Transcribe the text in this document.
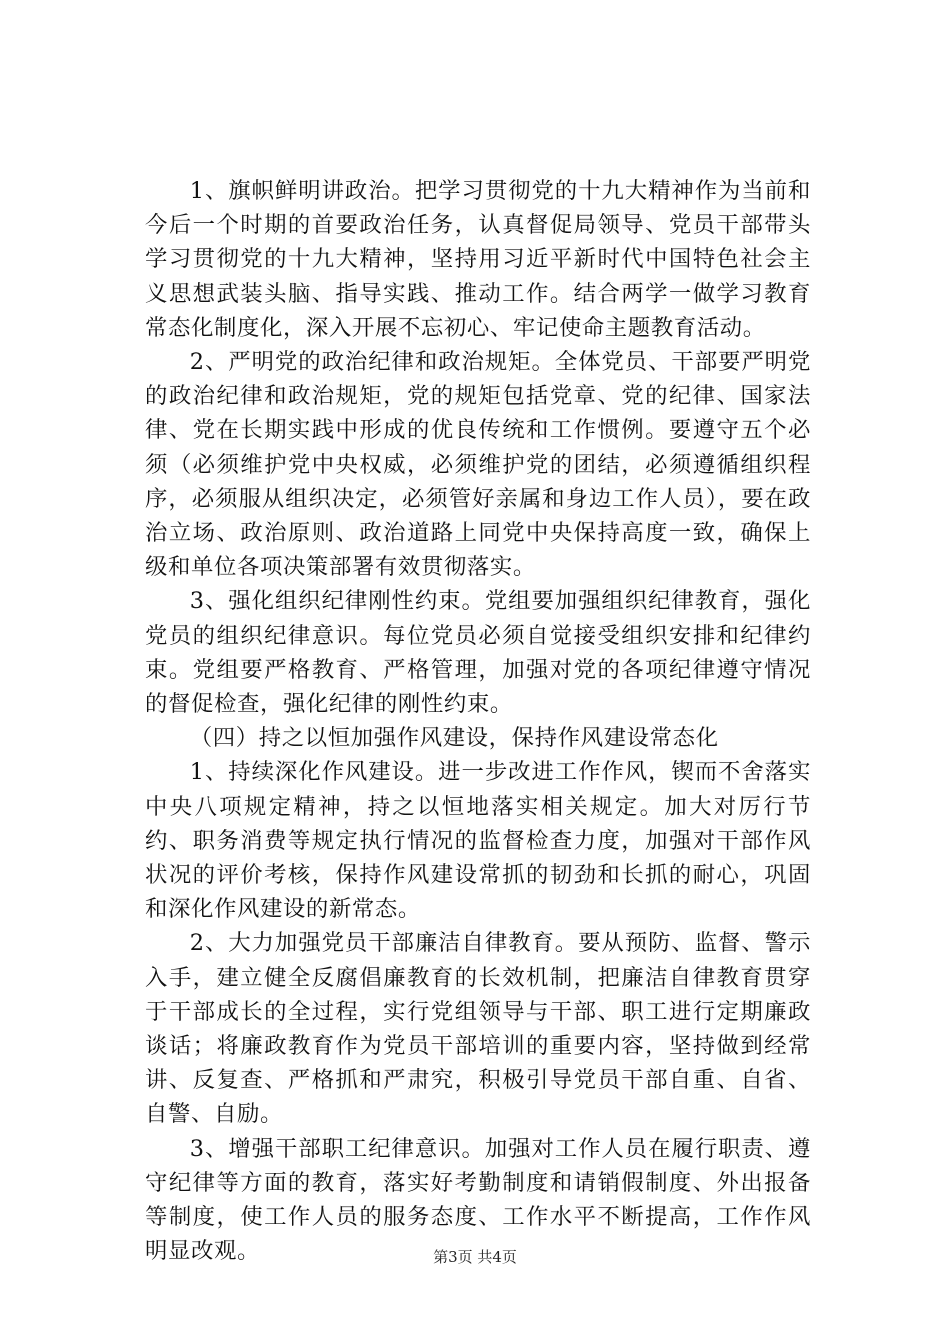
1、旗帜鲜明讲政治。把学习贯彻党的十九大精神作为当前和今后一个时期的首要政治任务，认真督促局领导、党员干部带头学习贯彻党的十九大精神，坚持用习近平新时代中国特色社会主义思想武装头脑、指导实践、推动工作。结合两学一做学习教育常态化制度化，深入开展不忘初心、牢记使命主题教育活动。

2、严明党的政治纪律和政治规矩。全体党员、干部要严明党的政治纪律和政治规矩，党的规矩包括党章、党的纪律、国家法律、党在长期实践中形成的优良传统和工作惯例。要遵守五个必须（必须维护党中央权威，必须维护党的团结，必须遵循组织程序，必须服从组织决定，必须管好亲属和身边工作人员），要在政治立场、政治原则、政治道路上同党中央保持高度一致，确保上级和单位各项决策部署有效贯彻落实。

3、强化组织纪律刚性约束。党组要加强组织纪律教育，强化党员的组织纪律意识。每位党员必须自觉接受组织安排和纪律约束。党组要严格教育、严格管理，加强对党的各项纪律遵守情况的督促检查，强化纪律的刚性约束。

（四）持之以恒加强作风建设，保持作风建设常态化

1、持续深化作风建设。进一步改进工作作风，锲而不舍落实中央八项规定精神，持之以恒地落实相关规定。加大对厉行节约、职务消费等规定执行情况的监督检查力度，加强对干部作风状况的评价考核，保持作风建设常抓的韧劲和长抓的耐心，巩固和深化作风建设的新常态。

2、大力加强党员干部廉洁自律教育。要从预防、监督、警示入手，建立健全反腐倡廉教育的长效机制，把廉洁自律教育贯穿于干部成长的全过程，实行党组领导与干部、职工进行定期廉政谈话；将廉政教育作为党员干部培训的重要内容，坚持做到经常讲、反复查、严格抓和严肃究，积极引导党员干部自重、自省、自警、自励。

3、增强干部职工纪律意识。加强对工作人员在履行职责、遵守纪律等方面的教育，落实好考勤制度和请销假制度、外出报备等制度，使工作人员的服务态度、工作水平不断提高，工作作风明显改观。	第3页 共4页
